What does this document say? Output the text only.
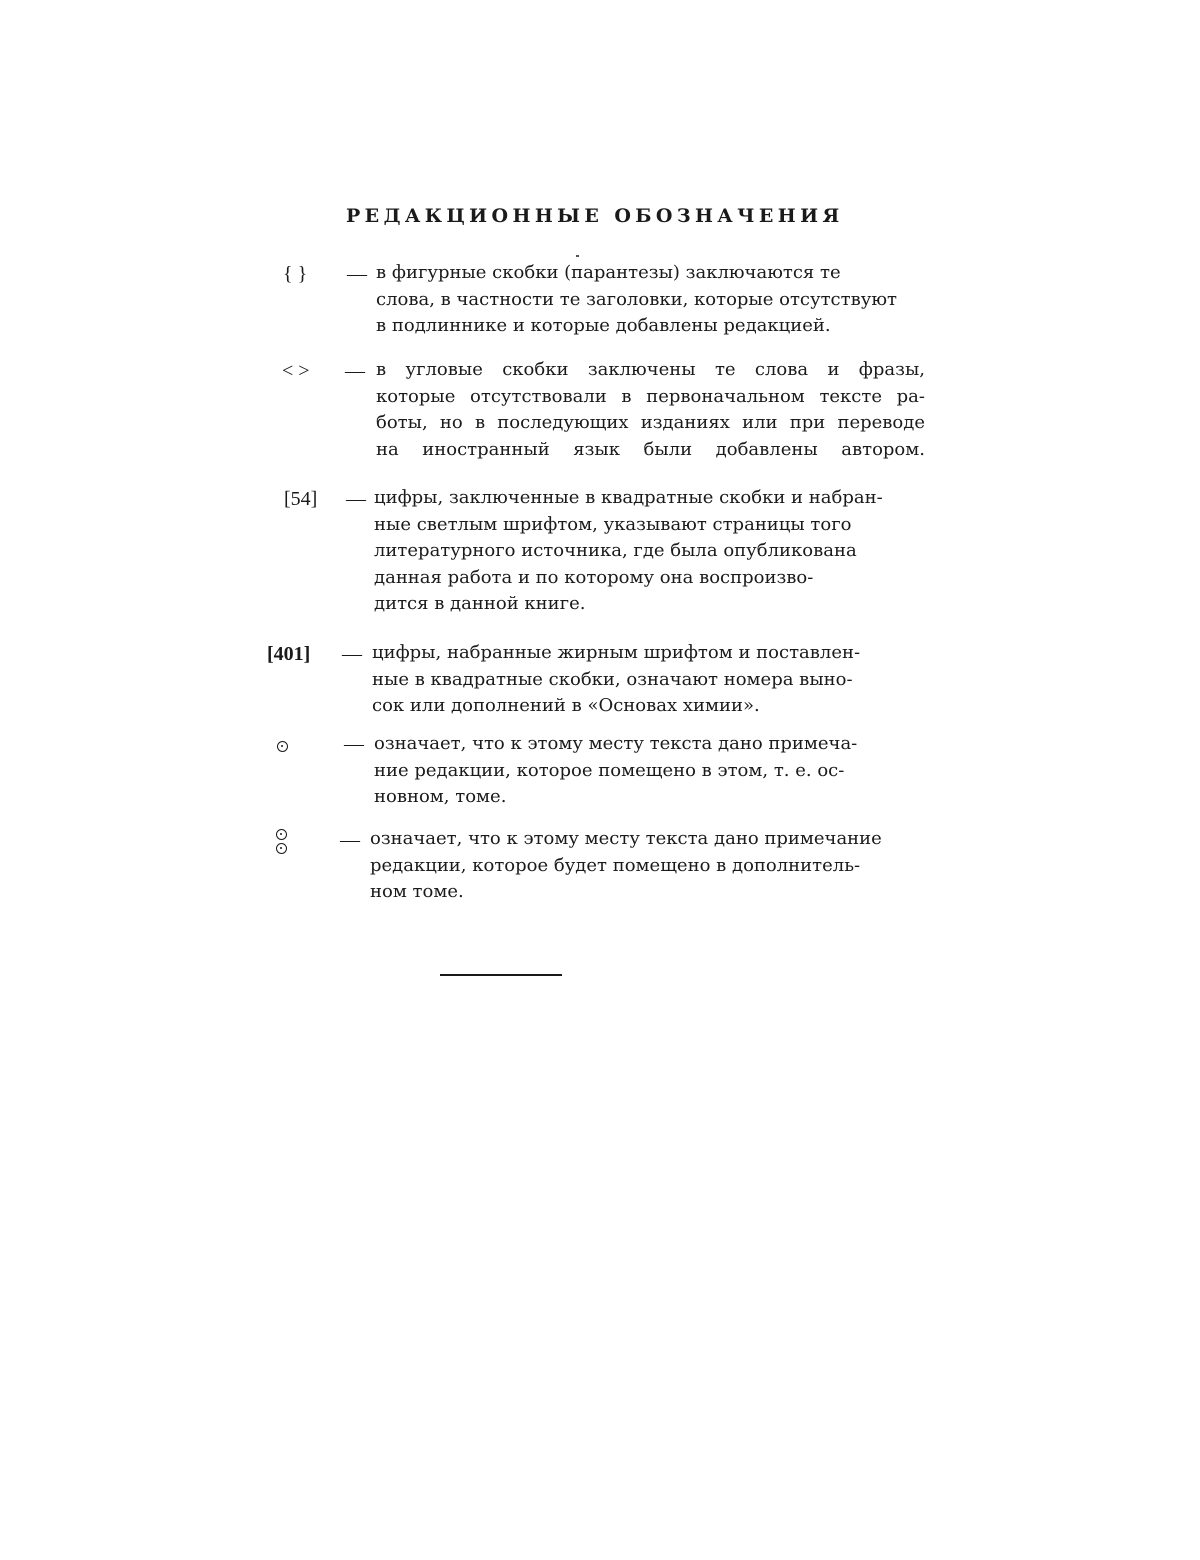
РЕДАКЦИОННЫЕ ОБОЗНАЧЕНИЯ
{ } — в фигурные скобки (парантезы) заключаются те
слова, в частности те заголовки, которые отсутствуют
в подлиннике и которые добавлены редакцией.
< > — в угловые скобки заключены те слова и фразы,
которые отсутствовали в первоначальном тексте ра-
боты, но в последующих изданиях или при переводе
на иностранный язык были добавлены автором.
[54] — цифры, заключенные в квадратные скобки и набран-
ные светлым шрифтом, указывают страницы того
литературного источника, где была опубликована
данная работа и по которому она воспроизво-
дится в данной книге.
[401] — цифры, набранные жирным шрифтом и поставлен-
ные в квадратные скобки, означают номера выно-
сок или дополнений в «Основах химии».
— означает, что к этому месту текста дано примеча-
ние редакции, которое помещено в этом, т. е. ос-
новном, томе.
— означает, что к этому месту текста дано примечание
редакции, которое будет помещено в дополнитель-
ном томе.
